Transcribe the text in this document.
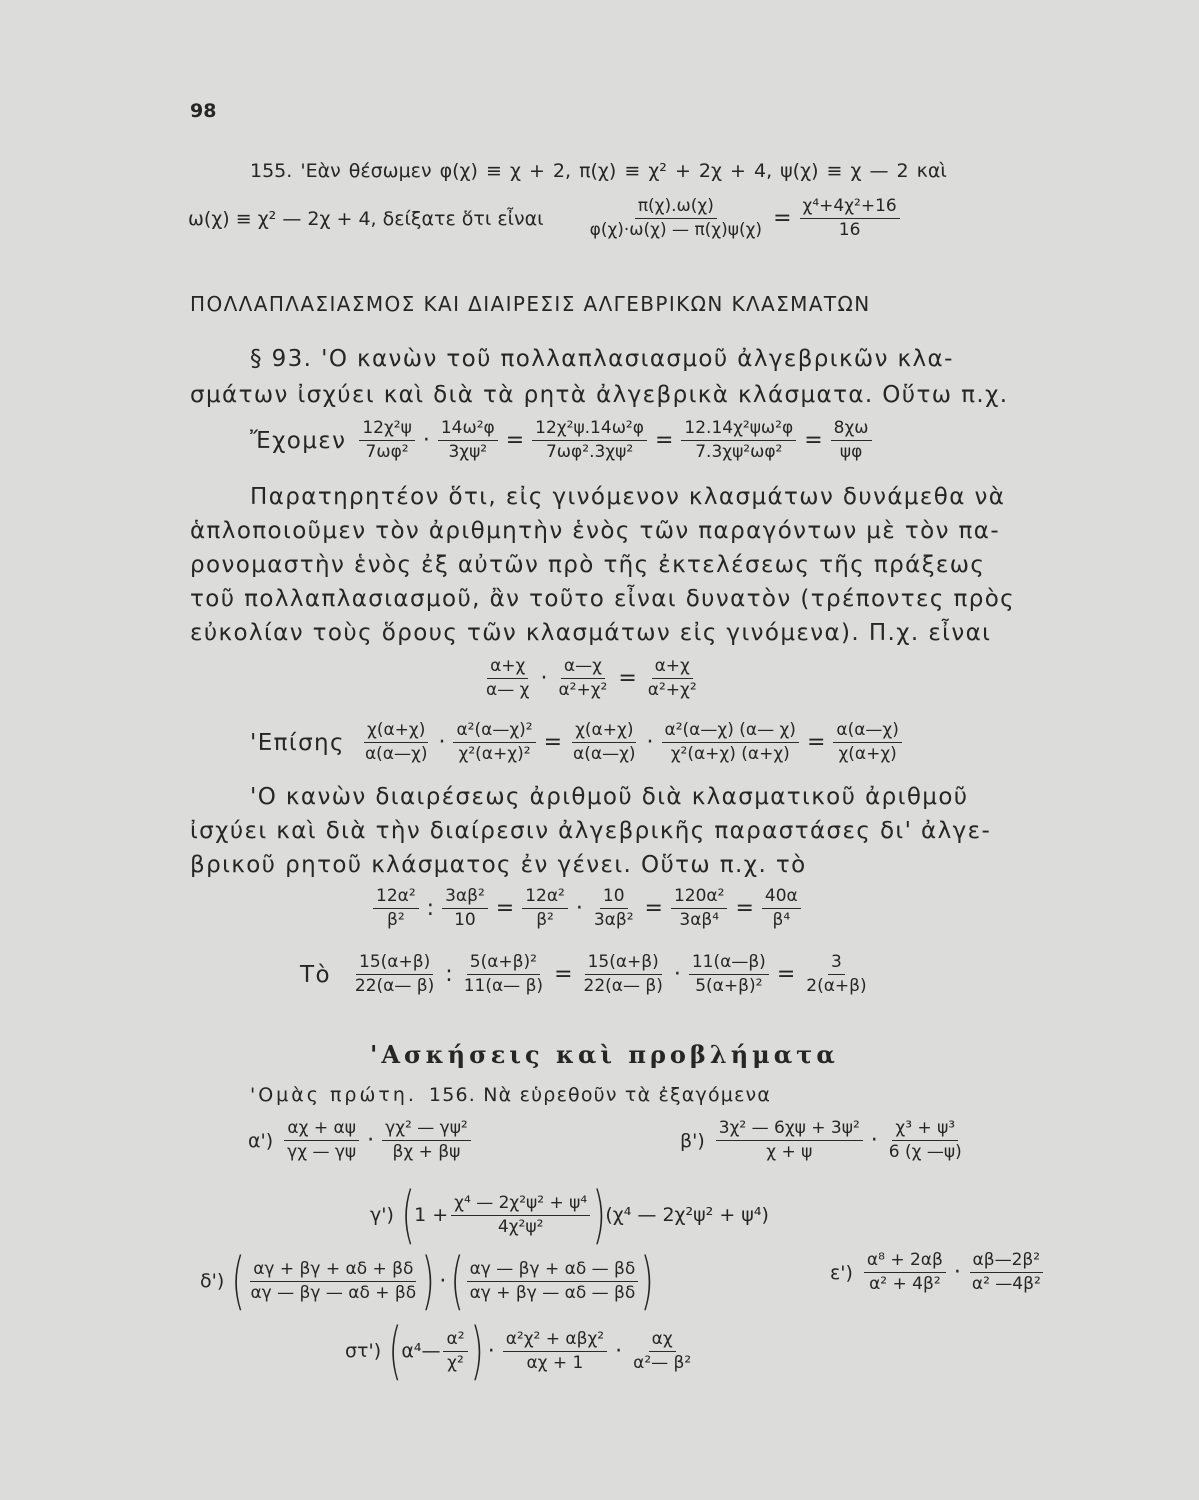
98
155. 'Εὰν θέσωμεν φ(χ) ≡ χ + 2, π(χ) ≡ χ² + 2χ + 4, ψ(χ) ≡ χ — 2 καὶ
ω(χ) ≡ χ² — 2χ + 4, δείξατε ὅτι εἶναι	$\frac{\pi(\chi).\omega(\chi)}{\varphi(\chi)\cdot\omega(\chi) — \pi(\chi)\psi(\chi)} = \frac{\text{χ⁴+4χ²+16}}{16}$
ΠΟΛΛΑΠΛΑΣΙΑΣΜΟΣ ΚΑΙ ΔΙΑΙΡΕΣΙΣ ΑΛΓΕΒΡΙΚΩΝ ΚΛΑΣΜΑΤΩΝ
§ 93. 'Ο κανὼν τοῦ πολλαπλασιασμοῦ ἀλγεβρικῶν κλα-
σμάτων ἰσχύει καὶ διὰ τὰ ρητὰ ἀλγεβρικὰ κλάσματα. Οὕτω π.χ.
Ἔχομεν $\frac{\text{12χ²ψ}}{\text{7ωφ²}} \cdot \frac{\text{14ω²φ}}{\text{3χψ²}} = \frac{\text{12χ²ψ.14ω²φ}}{\text{7ωφ².3χψ²}} = \frac{\text{12.14χ²ψω²φ}}{\text{7.3χψ²ωφ²}} = \frac{8\chi\omega}{\psi\varphi}$
Παρατηρητέον ὅτι, εἰς γινόμενον κλασμάτων δυνάμεθα νὰ
ἁπλοποιοῦμεν τὸν ἀριθμητὴν ἑνὸς τῶν παραγόντων μὲ τὸν πα-
ρονομαστὴν ἑνὸς ἐξ αὐτῶν πρὸ τῆς ἐκτελέσεως τῆς πράξεως
τοῦ πολλαπλασιασμοῦ, ἂν τοῦτο εἶναι δυνατὸν (τρέποντες πρὸς
εὐκολίαν τοὺς ὅρους τῶν κλασμάτων εἰς γινόμενα). Π.χ. εἶναι
$\frac{\alpha+\chi}{\alpha— \chi} \cdot \frac{\alpha—\chi}{\text{α²+χ²}} = \frac{\alpha+\chi}{\text{α²+χ²}}$
'$E\pi ί\sigma\eta\varsigma \frac{\chi(\alpha+\chi)}{\alpha(\alpha—\chi)} \cdot \frac{\text{α²(α—χ)²}}{\text{χ²(α+χ)²}} = \frac{\chi(\alpha+\chi)}{\alpha(\alpha—\chi)} \cdot \frac{\text{α²(α—χ) (α— χ)}}{\text{χ²(α+χ) (α+χ)}} = \frac{\alpha(\alpha—\chi)}{\chi(\alpha+\chi)}$
'Ο κανὼν διαιρέσεως ἀριθμοῦ διὰ κλασματικοῦ ἀριθμοῦ
ἰσχύει καὶ διὰ τὴν διαίρεσιν ἀλγεβρικῆς παραστάσες δι' ἀλγε-
βρικοῦ ρητοῦ κλάσματος ἐν γένει. Οὕτω π.χ. τὸ
$\frac{\text{12α²}}{\text{β²}}$ : $\frac{\text{3αβ²}}{10} = \frac{\text{12α²}}{\text{β²}} \cdot \frac{10}{\text{3αβ²}} = \frac{\text{120α²}}{\text{3αβ⁴}} = \frac{40\alpha}{\text{β⁴}}$
Τὸ $\frac{15(\alpha+\beta)}{22(\alpha— \beta)}$ : $\frac{\text{5(α+β)²}}{11(\alpha— \beta)} = \frac{15(\alpha+\beta)}{22(\alpha— \beta)} \cdot \frac{11(\alpha—\beta)}{\text{5(α+β)²}} = \frac{3}{2(\alpha+\beta)}$
'Ασκήσεις καὶ προβλήματα
'Ομὰς πρώτη. 156. Νὰ εὑρεθοῦν τὰ ἐξαγόμενα
$\alpha') \frac{\alpha\chi + \alpha\psi}{\gamma\chi — \gamma\psi} \cdot \frac{\text{γχ² — γψ²}}{\beta\chi + \beta\psi}$	$\beta') \frac{\text{3χ² — 6χψ + 3ψ²}}{\chi + \psi} \cdot \frac{\text{χ³ + ψ³}}{6 (\chi —\psi)}$
γ') ( $1 + \frac{\text{χ⁴ — 2χ²ψ² + ψ⁴}}{\text{4χ²ψ²}}$ ) (χ⁴ — 2χ²ψ² + ψ⁴)
δ') ( $\frac{\alpha\gamma + \beta\gamma + \alpha\delta + \beta\delta}{\alpha\gamma — \beta\gamma — \alpha\delta + \beta\delta}$ ) · ( $\frac{\alpha\gamma — \beta\gamma + \alpha\delta — \beta\delta}{\alpha\gamma + \beta\gamma — \alpha\delta — \beta\delta}$ )	$\varepsilon') \frac{\text{α⁸ + 2αβ}}{\text{α² + 4β²}} \cdot \frac{\text{αβ—2β²}}{\text{α² —4β²}}$
στ') ( α⁴— $\frac{\text{α²}}{\text{χ²}}$ ) · $\frac{\text{α²χ² + αβχ²}}{\alpha\chi + 1} \cdot \frac{\alpha\chi}{\text{α²— β²}}$
